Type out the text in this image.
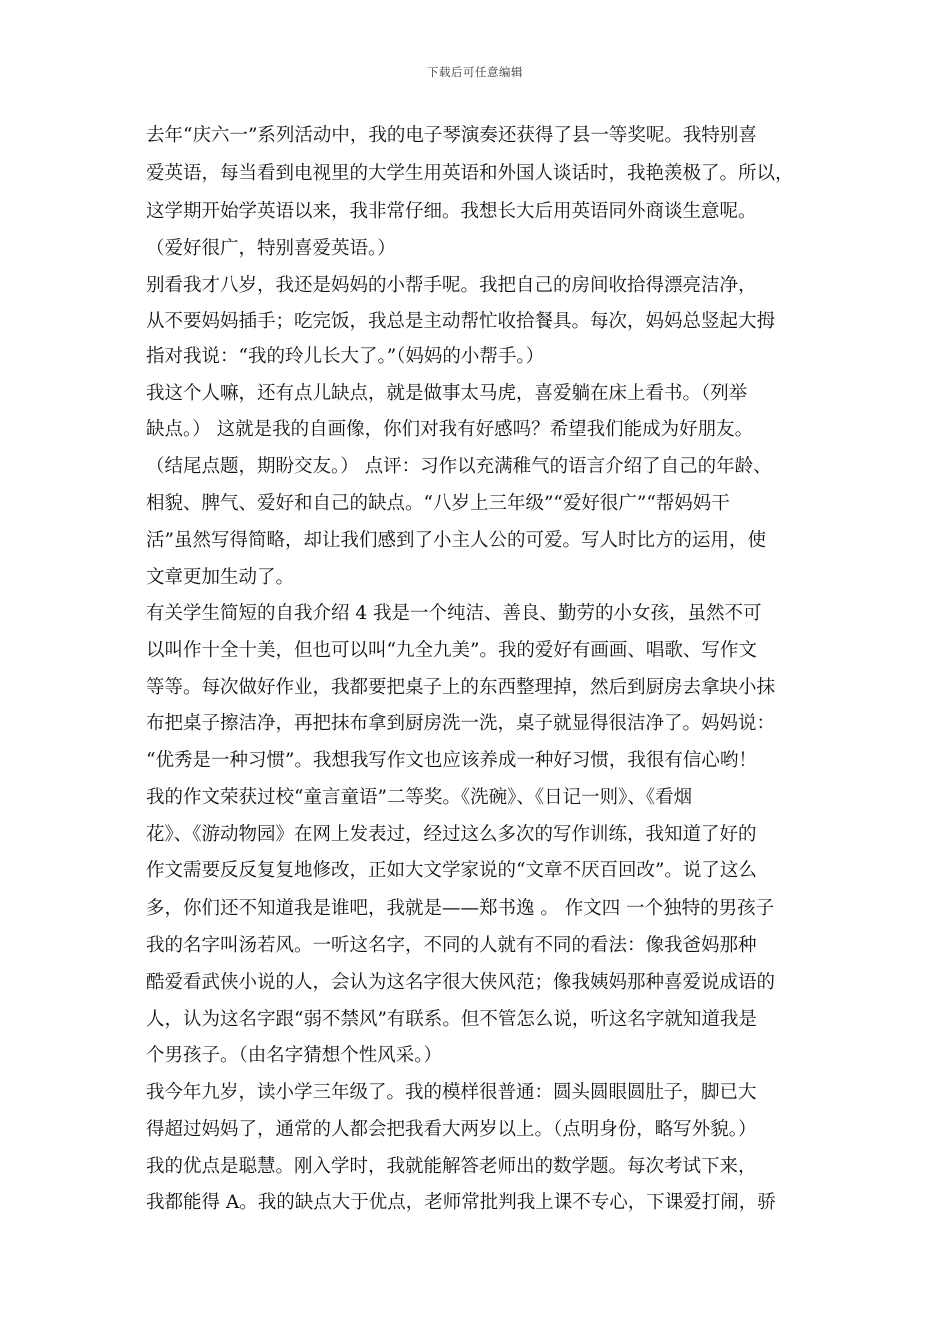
下载后可任意编辑
去年“庆六一”系列活动中，我的电子琴演奏还获得了县一等奖呢。我特别喜
爱英语，每当看到电视里的大学生用英语和外国人谈话时，我艳羡极了。所以，
这学期开始学英语以来，我非常仔细。我想长大后用英语同外商谈生意呢。
（爱好很广，特别喜爱英语。）
别看我才八岁，我还是妈妈的小帮手呢。我把自己的房间收拾得漂亮洁净，
从不要妈妈插手；吃完饭，我总是主动帮忙收拾餐具。每次，妈妈总竖起大拇
指对我说：“我的玲儿长大了。”（妈妈的小帮手。）
我这个人嘛，还有点儿缺点，就是做事太马虎，喜爱躺在床上看书。（列举
缺点。） 这就是我的自画像，你们对我有好感吗？希望我们能成为好朋友。
（结尾点题，期盼交友。） 点评：习作以充满稚气的语言介绍了自己的年龄、
相貌、脾气、爱好和自己的缺点。“八岁上三年级”“爱好很广”“帮妈妈干
活”虽然写得简略，却让我们感到了小主人公的可爱。写人时比方的运用，使
文章更加生动了。
有关学生简短的自我介绍 4 我是一个纯洁、善良、勤劳的小女孩，虽然不可
以叫作十全十美，但也可以叫“九全九美”。我的爱好有画画、唱歌、写作文
等等。每次做好作业，我都要把桌子上的东西整理掉，然后到厨房去拿块小抹
布把桌子擦洁净，再把抹布拿到厨房洗一洗，桌子就显得很洁净了。妈妈说：
“优秀是一种习惯”。我想我写作文也应该养成一种好习惯，我很有信心哟！
我的作文荣获过校“童言童语”二等奖。《洗碗》、《日记一则》、《看烟
花》、《游动物园》在网上发表过，经过这么多次的写作训练，我知道了好的
作文需要反反复复地修改，正如大文学家说的“文章不厌百回改”。说了这么
多，你们还不知道我是谁吧，我就是——郑书逸 。 作文四 一个独特的男孩子
我的名字叫汤若风。一听这名字，不同的人就有不同的看法：像我爸妈那种
酷爱看武侠小说的人，会认为这名字很大侠风范；像我姨妈那种喜爱说成语的
人，认为这名字跟“弱不禁风”有联系。但不管怎么说，听这名字就知道我是
个男孩子。（由名字猜想个性风采。）
我今年九岁，读小学三年级了。我的模样很普通：圆头圆眼圆肚子，脚已大
得超过妈妈了，通常的人都会把我看大两岁以上。（点明身份，略写外貌。）
我的优点是聪慧。刚入学时，我就能解答老师出的数学题。每次考试下来，
我都能得 A。我的缺点大于优点，老师常批判我上课不专心，下课爱打闹，骄
